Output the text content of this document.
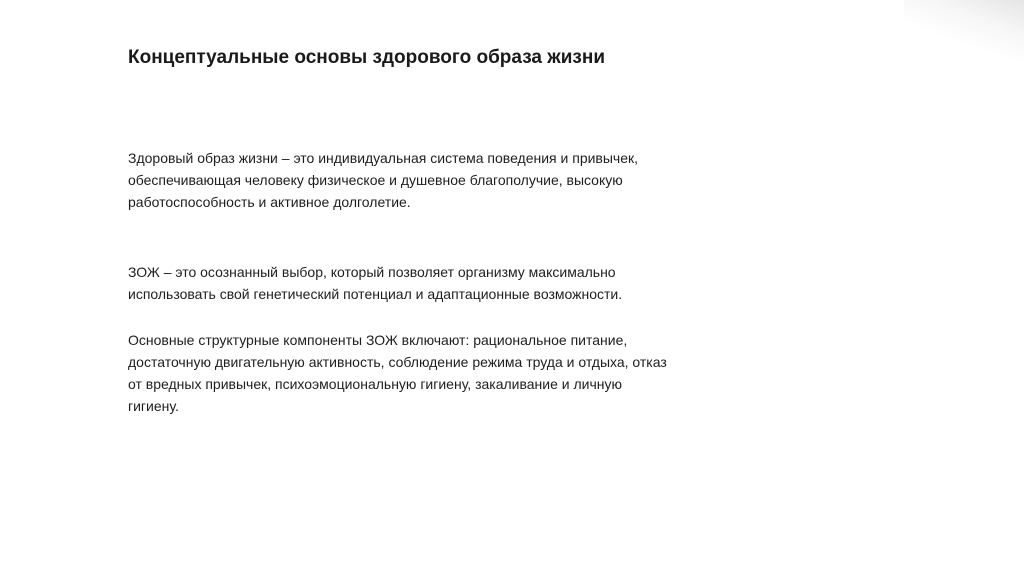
Концептуальные основы здорового образа жизни

Здоровый образ жизни – это индивидуальная система поведения и привычек,
обеспечивающая человеку физическое и душевное благополучие, высокую
работоспособность и активное долголетие.

ЗОЖ – это осознанный выбор, который позволяет организму максимально
использовать свой генетический потенциал и адаптационные возможности.

Основные структурные компоненты ЗОЖ включают: рациональное питание,
достаточную двигательную активность, соблюдение режима труда и отдыха, отказ
от вредных привычек, психоэмоциональную гигиену, закаливание и личную
гигиену.
